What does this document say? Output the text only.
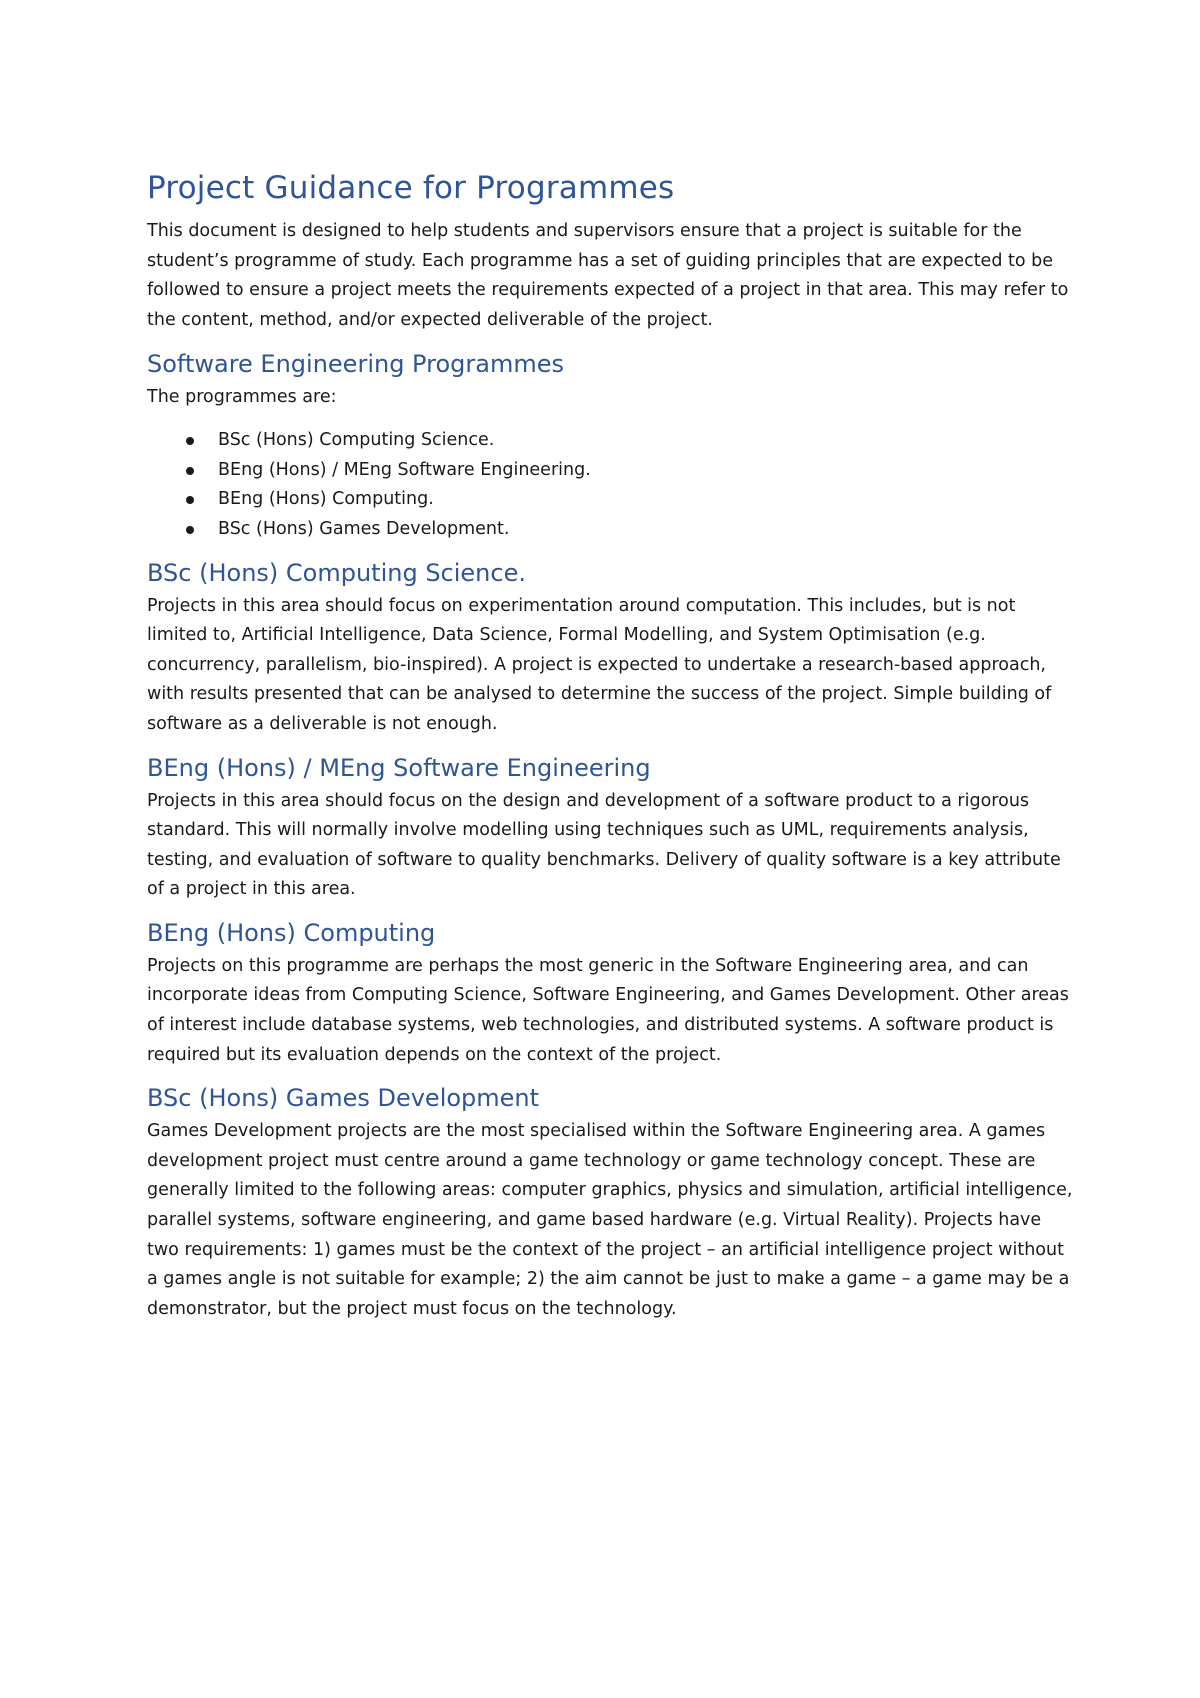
Project Guidance for Programmes

This document is designed to help students and supervisors ensure that a project is suitable for the student’s programme of study. Each programme has a set of guiding principles that are expected to be followed to ensure a project meets the requirements expected of a project in that area. This may refer to the content, method, and/or expected deliverable of the project.

Software Engineering Programmes

The programmes are:

BSc (Hons) Computing Science.
BEng (Hons) / MEng Software Engineering.
BEng (Hons) Computing.
BSc (Hons) Games Development.
BSc (Hons) Computing Science.

Projects in this area should focus on experimentation around computation. This includes, but is not limited to, Artificial Intelligence, Data Science, Formal Modelling, and System Optimisation (e.g. concurrency, parallelism, bio-inspired). A project is expected to undertake a research-based approach, with results presented that can be analysed to determine the success of the project. Simple building of software as a deliverable is not enough.

BEng (Hons) / MEng Software Engineering

Projects in this area should focus on the design and development of a software product to a rigorous standard. This will normally involve modelling using techniques such as UML, requirements analysis, testing, and evaluation of software to quality benchmarks. Delivery of quality software is a key attribute of a project in this area.

BEng (Hons) Computing

Projects on this programme are perhaps the most generic in the Software Engineering area, and can incorporate ideas from Computing Science, Software Engineering, and Games Development. Other areas of interest include database systems, web technologies, and distributed systems. A software product is required but its evaluation depends on the context of the project.

BSc (Hons) Games Development

Games Development projects are the most specialised within the Software Engineering area. A games development project must centre around a game technology or game technology concept. These are generally limited to the following areas: computer graphics, physics and simulation, artificial intelligence, parallel systems, software engineering, and game based hardware (e.g. Virtual Reality). Projects have two requirements: 1) games must be the context of the project – an artificial intelligence project without a games angle is not suitable for example; 2) the aim cannot be just to make a game – a game may be a demonstrator, but the project must focus on the technology.
